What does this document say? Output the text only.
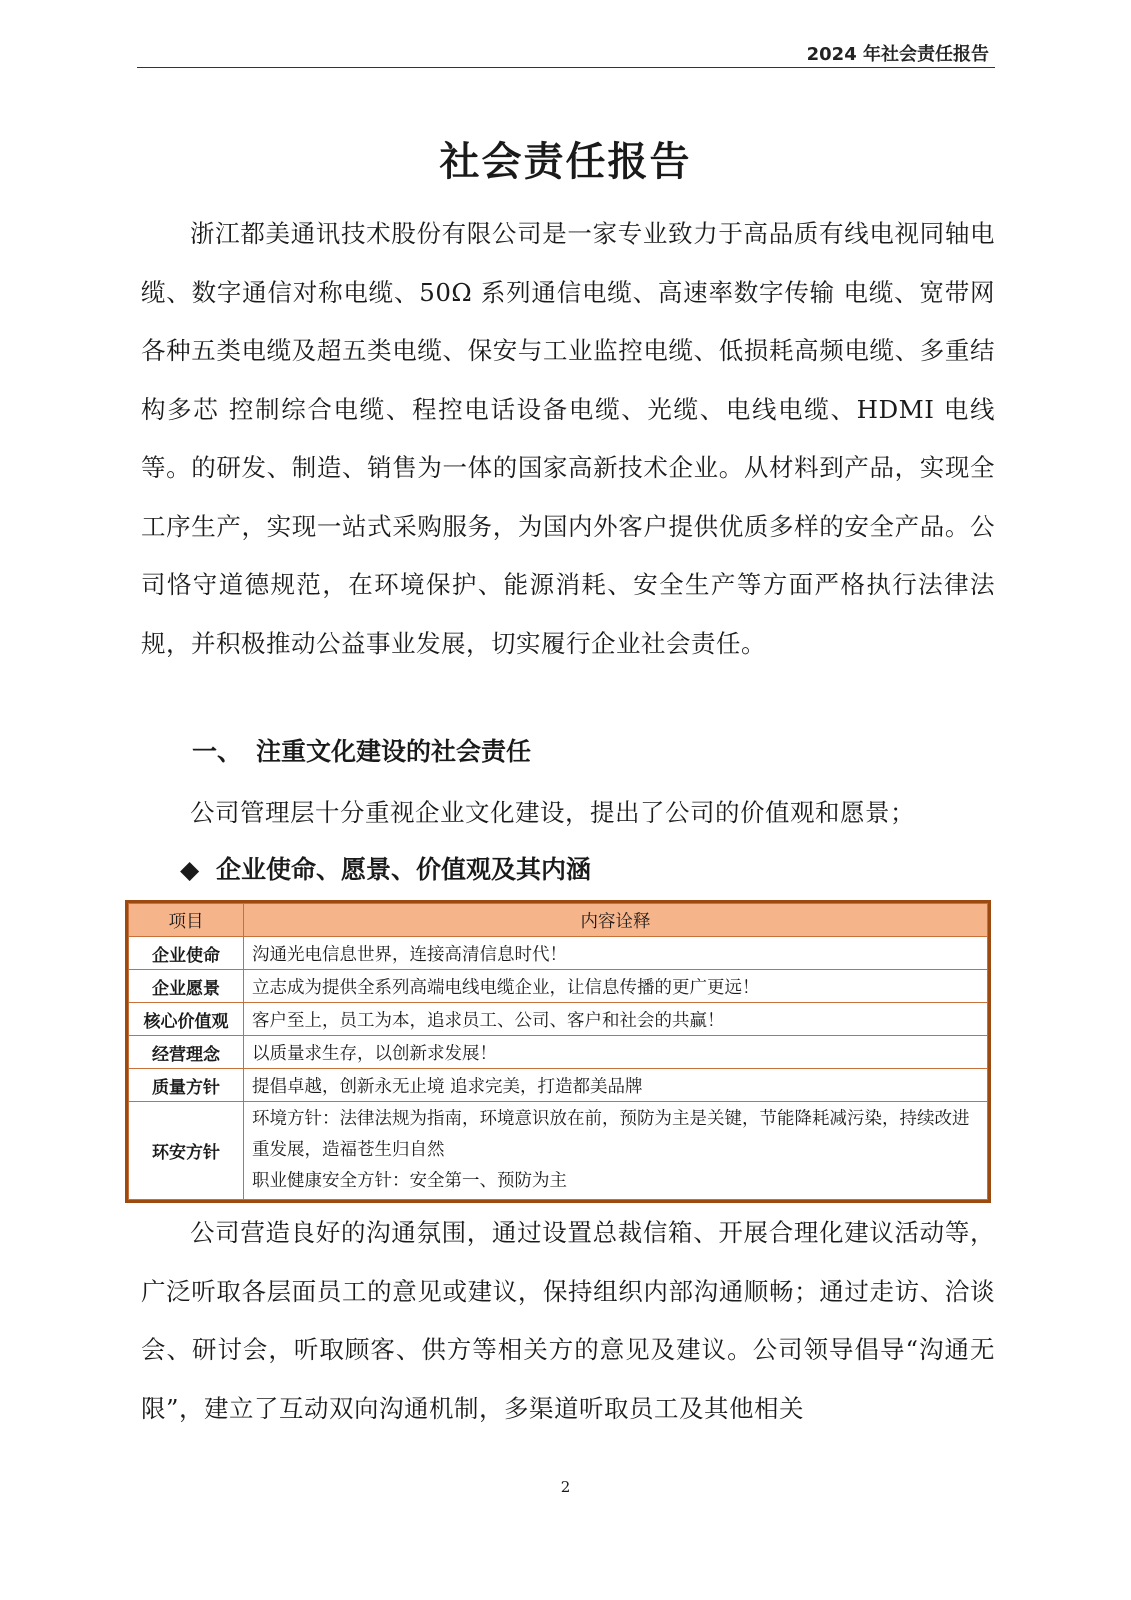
2024 年社会责任报告
社会责任报告

浙江都美通讯技术股份有限公司是一家专业致力于高品质有线电视同轴电缆、数字通信对称电缆、50Ω 系列通信电缆、高速率数字传输 电缆、宽带网各种五类电缆及超五类电缆、保安与工业监控电缆、低损耗高频电缆、多重结构多芯 控制综合电缆、程控电话设备电缆、光缆、电线电缆、HDMI 电线等。的研发、制造、销售为一体的国家高新技术企业。从材料到产品，实现全工序生产，实现一站式采购服务，为国内外客户提供优质多样的安全产品。公司恪守道德规范，在环境保护、能源消耗、安全生产等方面严格执行法律法规，并积极推动公益事业发展，切实履行企业社会责任。

一、 注重文化建设的社会责任

公司管理层十分重视企业文化建设，提出了公司的价值观和愿景；

◆ 企业使命、愿景、价值观及其内涵
项目	内容诠释
企业使命	沟通光电信息世界，连接高清信息时代！
企业愿景	立志成为提供全系列高端电线电缆企业，让信息传播的更广更远！
核心价值观	客户至上，员工为本，追求员工、公司、客户和社会的共赢！
经营理念	以质量求生存，以创新求发展！
质量方针	提倡卓越，创新永无止境 追求完美，打造都美品牌
环安方针	环境方针：法律法规为指南，环境意识放在前，预防为主是关键，节能降耗减污染，持续改进重发展，造福苍生归自然
职业健康安全方针：安全第一、预防为主

公司营造良好的沟通氛围，通过设置总裁信箱、开展合理化建议活动等，广泛听取各层面员工的意见或建议，保持组织内部沟通顺畅；通过走访、洽谈会、研讨会，听取顾客、供方等相关方的意见及建议。公司领导倡导“沟通无限”，建立了互动双向沟通机制，多渠道听取员工及其他相关

2
